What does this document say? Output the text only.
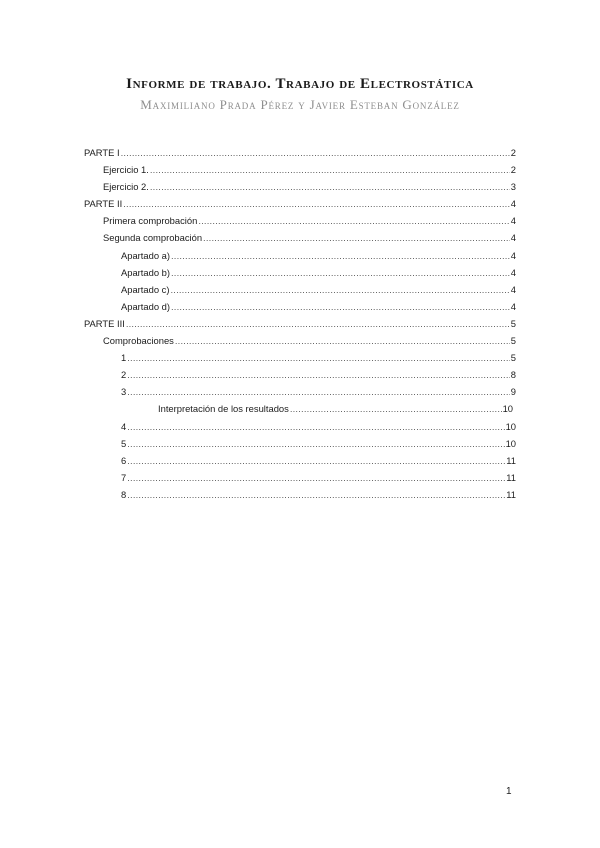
Informe de trabajo. Trabajo de Electrostática
Maximiliano Prada Pérez y Javier Esteban González
PARTE I .....	2
Ejercicio 1. .....	2
Ejercicio 2. .....	3
PARTE II .....	4
Primera comprobación .....	4
Segunda comprobación .....	4
Apartado a) .....	4
Apartado b) .....	4
Apartado c) .....	4
Apartado d) .....	4
PARTE III .....	5
Comprobaciones .....	5
1 .....	5
2 .....	8
3 .....	9
Interpretación de los resultados .....	10
4 .....	10
5 .....	10
6 .....	11
7 .....	11
8 .....	11
1
